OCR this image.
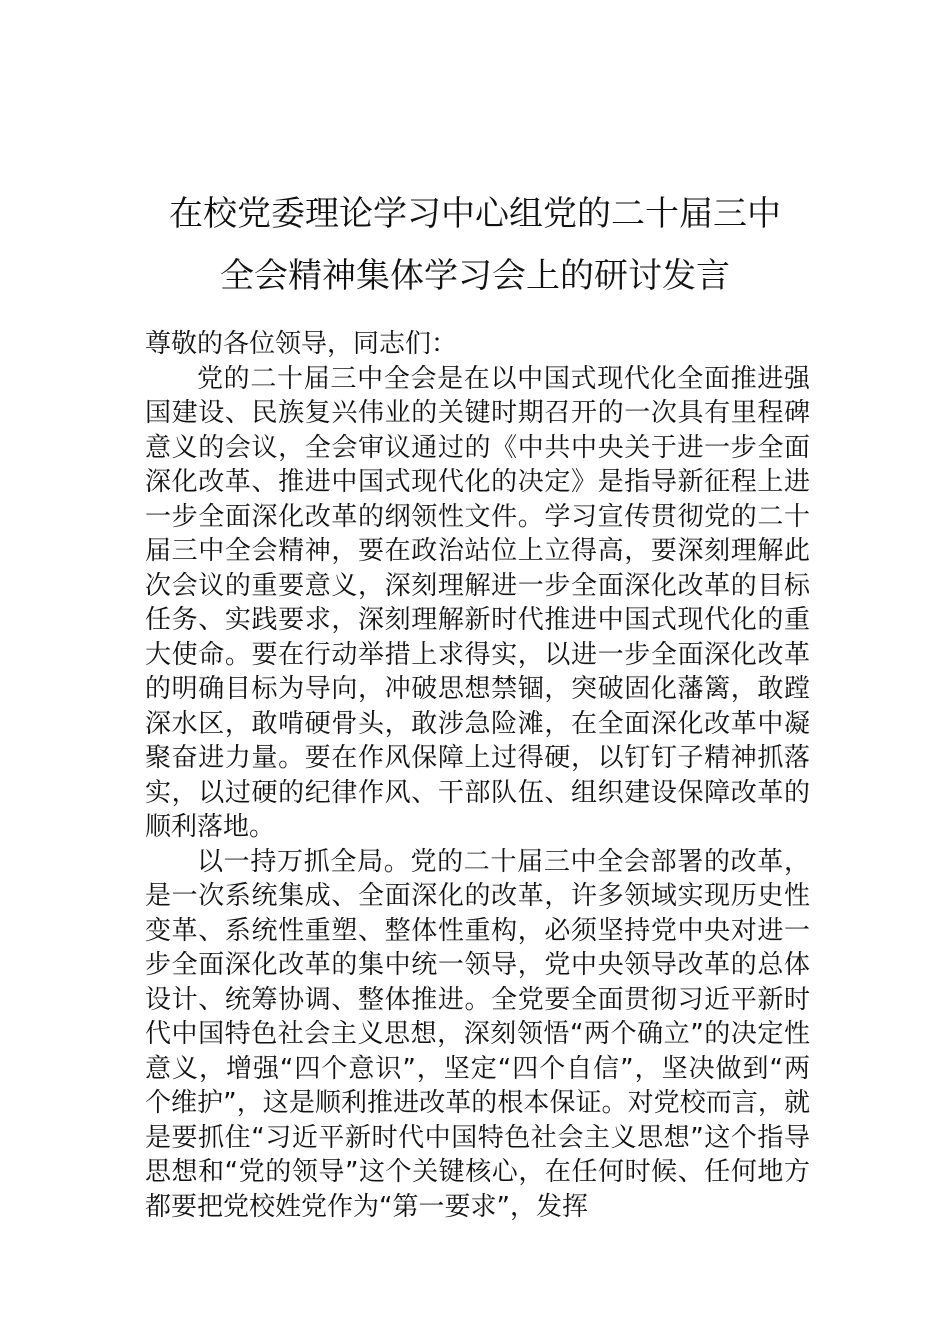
在校党委理论学习中心组党的二十届三中
全会精神集体学习会上的研讨发言

尊敬的各位领导，同志们：

党的二十届三中全会是在以中国式现代化全面推进强国建设、民族复兴伟业的关键时期召开的一次具有里程碑意义的会议，全会审议通过的《中共中央关于进一步全面深化改革、推进中国式现代化的决定》是指导新征程上进一步全面深化改革的纲领性文件。学习宣传贯彻党的二十届三中全会精神，要在政治站位上立得高，要深刻理解此次会议的重要意义，深刻理解进一步全面深化改革的目标任务、实践要求，深刻理解新时代推进中国式现代化的重大使命。要在行动举措上求得实，以进一步全面深化改革的明确目标为导向，冲破思想禁锢，突破固化藩篱，敢蹚深水区，敢啃硬骨头，敢涉急险滩，在全面深化改革中凝聚奋进力量。要在作风保障上过得硬，以钉钉子精神抓落实，以过硬的纪律作风、干部队伍、组织建设保障改革的顺利落地。

以一持万抓全局。党的二十届三中全会部署的改革，是一次系统集成、全面深化的改革，许多领域实现历史性变革、系统性重塑、整体性重构，必须坚持党中央对进一步全面深化改革的集中统一领导，党中央领导改革的总体设计、统筹协调、整体推进。全党要全面贯彻习近平新时代中国特色社会主义思想，深刻领悟“两个确立”的决定性意义，增强“四个意识”，坚定“四个自信”，坚决做到“两个维护”，这是顺利推进改革的根本保证。对党校而言，就是要抓住“习近平新时代中国特色社会主义思想”这个指导思想和“党的领导”这个关键核心，在任何时候、任何地方都要把党校姓党作为“第一要求”，发挥
